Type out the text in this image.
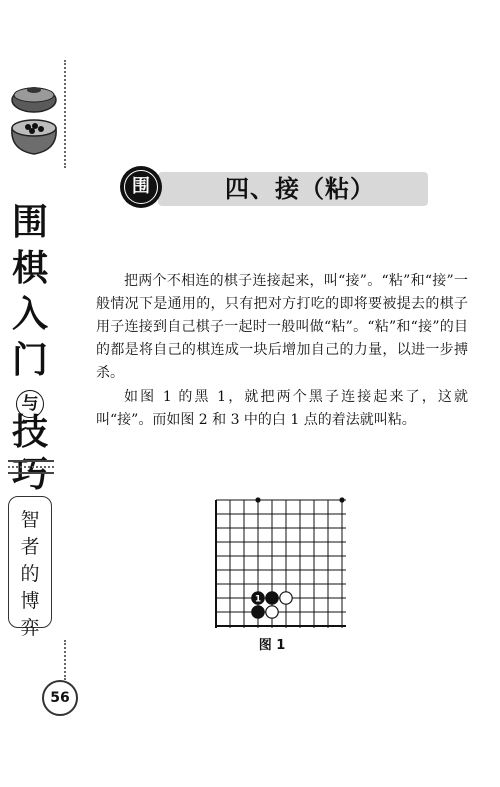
围
棋
入
门
与
技
巧
智
者
的
博
弈
56
围	四、接（粘）

把两个不相连的棋子连接起来，叫“接”。“粘”和“接”一般情况下是通用的，只有把对方打吃的即将要被提去的棋子用子连接到自己棋子一起时一般叫做“粘”。“粘”和“接”的目的都是将自己的棋连成一块后增加自己的力量，以进一步搏杀。

如图 1 的黑 1，就把两个黑子连接起来了，这就叫“接”。而如图 2 和 3 中的白 1 点的着法就叫粘。

1
图 1
